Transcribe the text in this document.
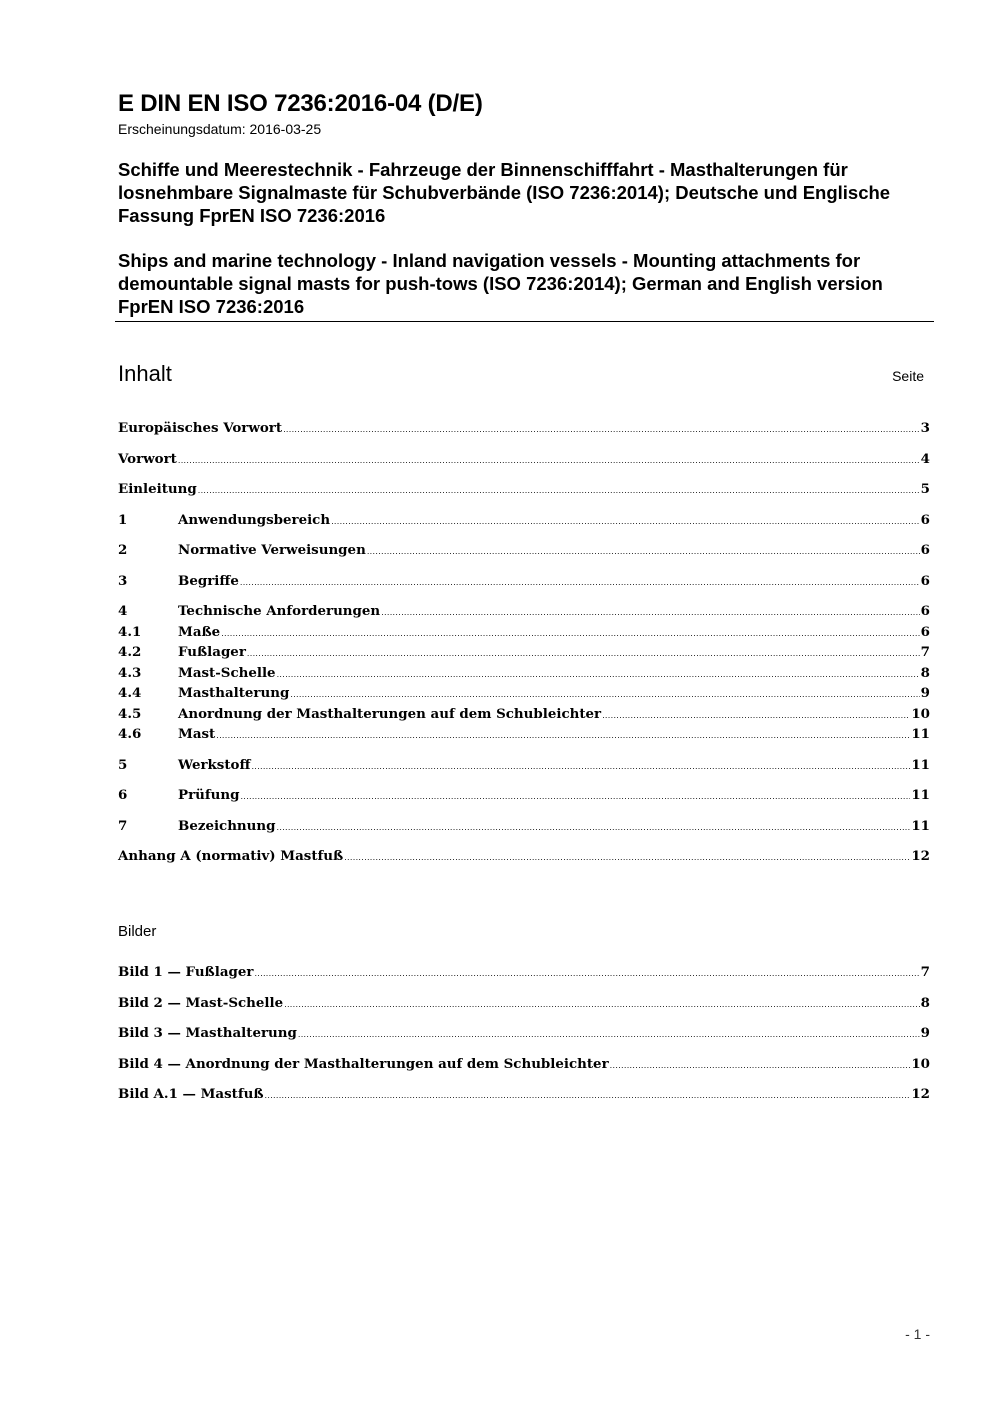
E DIN EN ISO 7236:2016-04 (D/E)
Erscheinungsdatum: 2016-03-25
Schiffe und Meerestechnik - Fahrzeuge der Binnenschifffahrt - Masthalterungen für losnehmbare Signalmaste für Schubverbände (ISO 7236:2014); Deutsche und Englische Fassung FprEN ISO 7236:2016
Ships and marine technology - Inland navigation vessels - Mounting attachments for demountable signal masts for push-tows (ISO 7236:2014); German and English version FprEN ISO 7236:2016
Inhalt	Seite
Europäisches Vorwort .....	3
Vorwort .....	4
Einleitung .....	5
1	Anwendungsbereich .....	6
2	Normative Verweisungen .....	6
3	Begriffe .....	6
4	Technische Anforderungen .....	6
4.1	Maße .....	6
4.2	Fußlager .....	7
4.3	Mast-Schelle .....	8
4.4	Masthalterung .....	9
4.5	Anordnung der Masthalterungen auf dem Schubleichter .....	10
4.6	Mast .....	11
5	Werkstoff .....	11
6	Prüfung .....	11
7	Bezeichnung .....	11
Anhang A (normativ) Mastfuß .....	12
Bilder
Bild 1 — Fußlager .....	7
Bild 2 — Mast-Schelle .....	8
Bild 3 — Masthalterung .....	9
Bild 4 — Anordnung der Masthalterungen auf dem Schubleichter .....	10
Bild A.1 — Mastfuß .....	12
- 1 -
